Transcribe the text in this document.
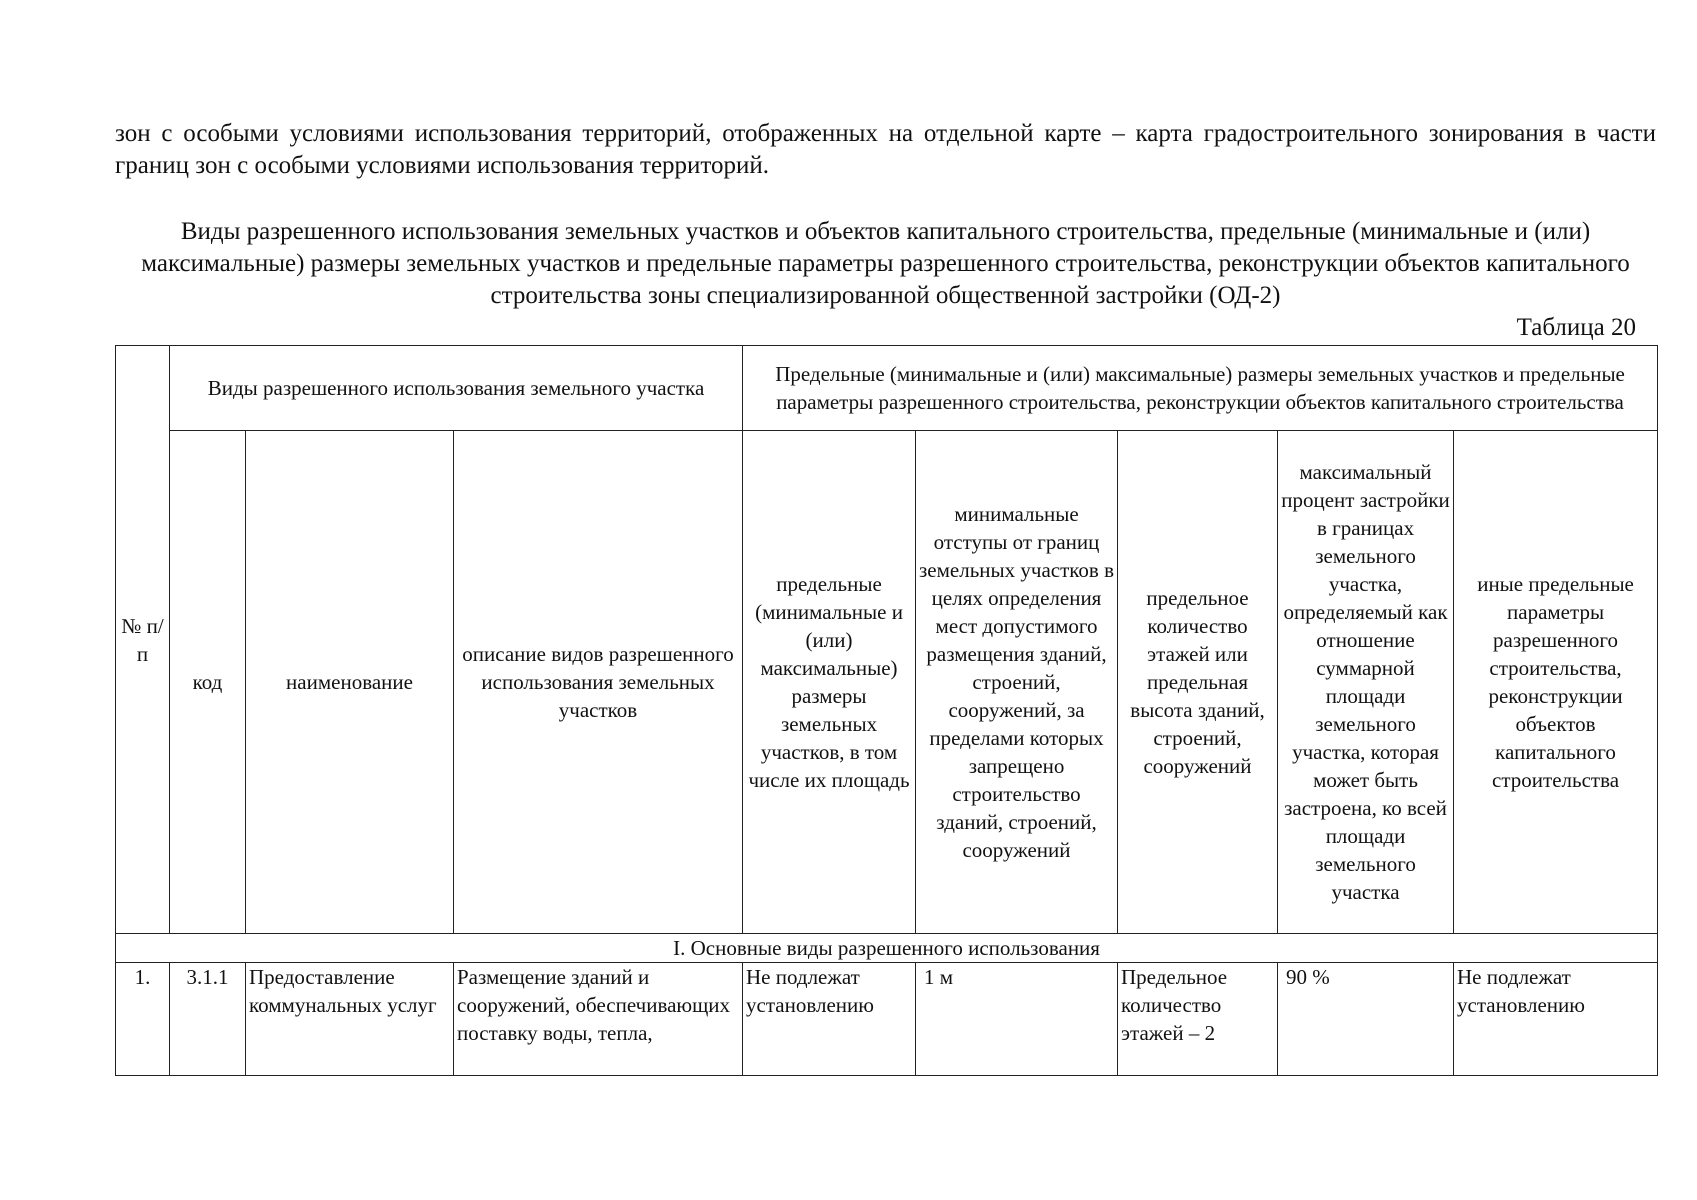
зон с особыми условиями использования территорий, отображенных на отдельной карте – карта градостроительного зонирования в части границ зон с особыми условиями использования территорий.
Виды разрешенного использования земельных участков и объектов капитального строительства, предельные (минимальные и (или) максимальные) размеры земельных участков и предельные параметры разрешенного строительства, реконструкции объектов капитального строительства зоны специализированной общественной застройки (ОД-2)
Таблица 20
№ п/п	Виды разрешенного использования земельного участка			Предельные (минимальные и (или) максимальные) размеры земельных участков и предельные параметры разрешенного строительства, реконструкции объектов капитального строительства				
	код	наименование	описание видов разрешенного использования земельных участков	предельные (минимальные и (или) максимальные) размеры земельных участков, в том числе их площадь	минимальные отступы от границ земельных участков в целях определения мест допустимого размещения зданий, строений, сооружений, за пределами которых запрещено строительство зданий, строений, сооружений	предельное количество этажей или предельная высота зданий, строений, сооружений	максимальный процент застройки в границах земельного участка, определяемый как отношение суммарной площади земельного участка, которая может быть застроена, ко всей площади земельного участка	иные предельные параметры разрешенного строительства, реконструкции объектов капитального строительства
I. Основные виды разрешенного использования								
1.	3.1.1	Предоставление коммунальных услуг	Размещение зданий и сооружений, обеспечивающих поставку воды, тепла,	Не подлежат установлению	1 м	Предельное количество этажей – 2	90 %	Не подлежат установлению
